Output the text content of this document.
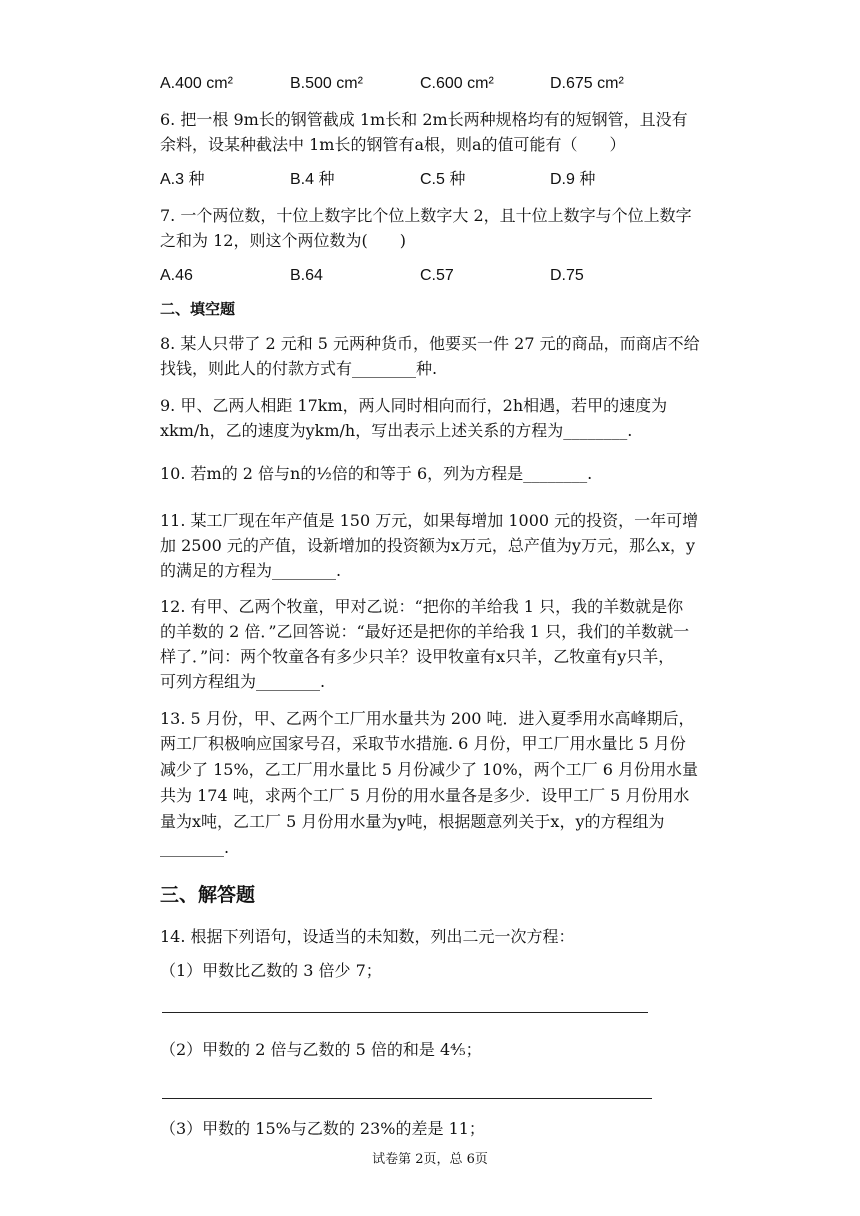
A.400 cm²	B.500 cm²	C.600 cm²	D.675 cm²
6. 把一根 9m长的钢管截成 1m长和 2m长两种规格均有的短钢管，且没有
余料，设某种截法中 1m长的钢管有a根，则a的值可能有（　　）
A.3 种	B.4 种	C.5 种	D.9 种
7. 一个两位数，十位上数字比个位上数字大 2，且十位上数字与个位上数字
之和为 12，则这个两位数为(　　)
A.46	B.64	C.57	D.75
二、填空题
8. 某人只带了 2 元和 5 元两种货币，他要买一件 27 元的商品，而商店不给
找钱，则此人的付款方式有________种.
9. 甲、乙两人相距 17km，两人同时相向而行，2h相遇，若甲的速度为
xkm/h，乙的速度为ykm/h，写出表示上述关系的方程为________.
10. 若m的 2 倍与n的½倍的和等于 6，列为方程是________.
11. 某工厂现在年产值是 150 万元，如果每增加 1000 元的投资，一年可增
加 2500 元的产值，设新增加的投资额为x万元，总产值为y万元，那么x，y
的满足的方程为________.
12. 有甲、乙两个牧童，甲对乙说：“把你的羊给我 1 只，我的羊数就是你
的羊数的 2 倍．”乙回答说：“最好还是把你的羊给我 1 只，我们的羊数就一
样了．”问：两个牧童各有多少只羊？设甲牧童有x只羊，乙牧童有y只羊，
可列方程组为________.
13. 5 月份，甲、乙两个工厂用水量共为 200 吨．进入夏季用水高峰期后，
两工厂积极响应国家号召，采取节水措施. 6 月份，甲工厂用水量比 5 月份
减少了 15%，乙工厂用水量比 5 月份减少了 10%，两个工厂 6 月份用水量
共为 174 吨，求两个工厂 5 月份的用水量各是多少．设甲工厂 5 月份用水
量为x吨，乙工厂 5 月份用水量为y吨，根据题意列关于x，y的方程组为
________.
三、解答题
14. 根据下列语句，设适当的未知数，列出二元一次方程：
（1）甲数比乙数的 3 倍少 7；
（2）甲数的 2 倍与乙数的 5 倍的和是 4⅘；
（3）甲数的 15%与乙数的 23%的差是 11；
试卷第 2页，总 6页
